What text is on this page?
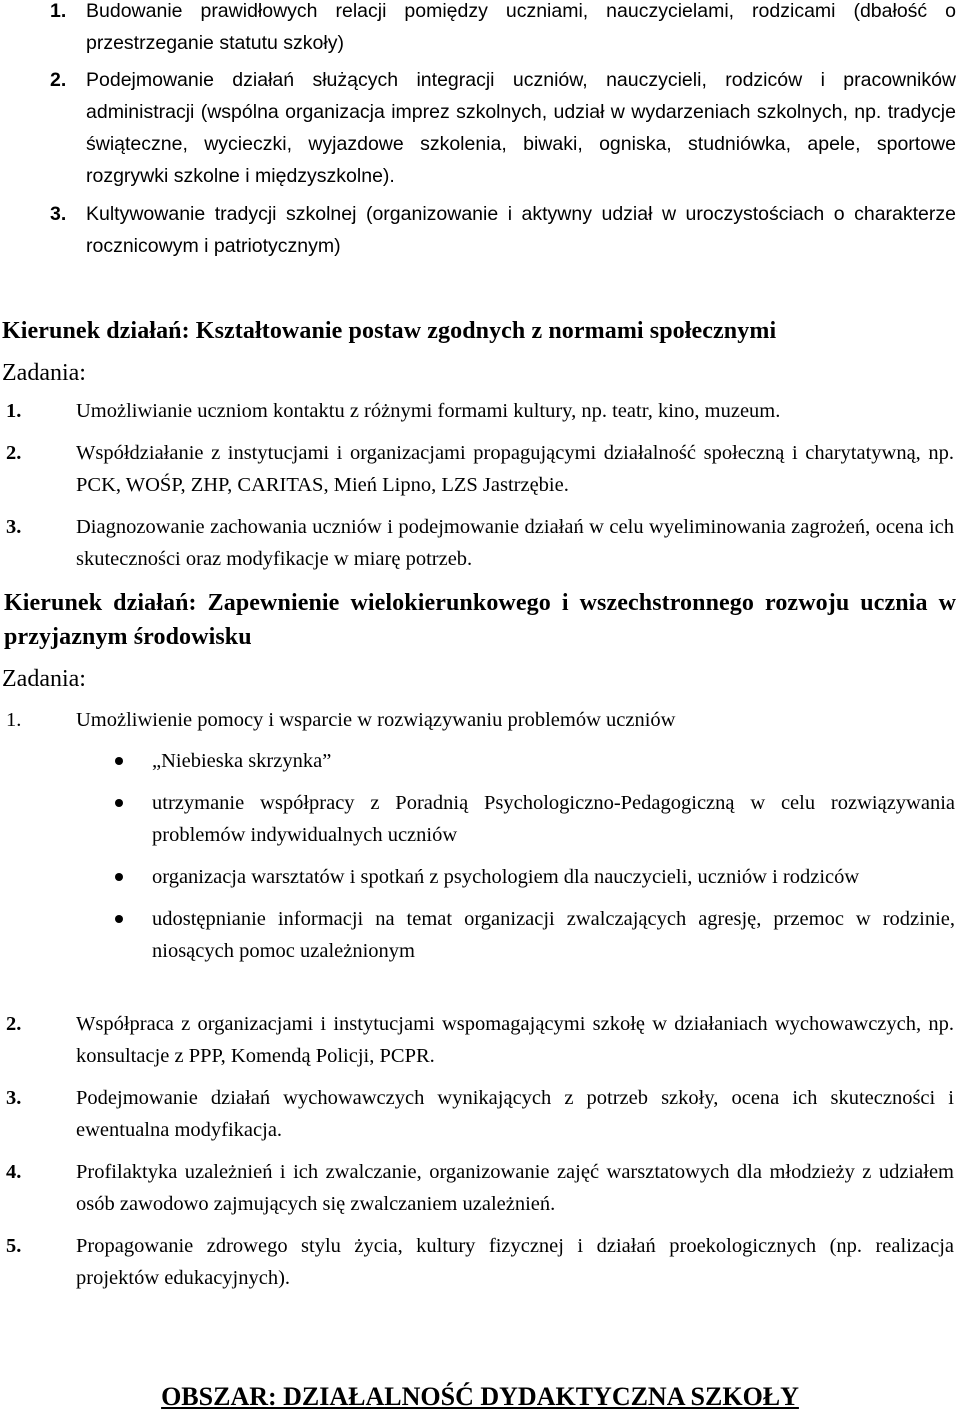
1.	Budowanie prawidłowych relacji pomiędzy uczniami, nauczycielami, rodzicami (dbałość o przestrzeganie statutu szkoły)
2.	Podejmowanie działań służących integracji uczniów, nauczycieli, rodziców i pracowników administracji (wspólna organizacja imprez szkolnych, udział w wydarzeniach szkolnych, np. tradycje świąteczne, wycieczki, wyjazdowe szkolenia, biwaki, ogniska, studniówka, apele, sportowe rozgrywki szkolne i międzyszkolne).
3.	Kultywowanie tradycji szkolnej (organizowanie i aktywny udział w uroczystościach o charakterze rocznicowym i patriotycznym)
Kierunek działań: Kształtowanie postaw zgodnych z normami społecznymi
Zadania:
1.	Umożliwianie uczniom kontaktu z różnymi formami kultury, np. teatr, kino, muzeum.
2.	Współdziałanie z instytucjami i organizacjami propagującymi działalność społeczną i charytatywną, np. PCK, WOŚP, ZHP, CARITAS, Mień Lipno, LZS Jastrzębie.
3.	Diagnozowanie zachowania uczniów i podejmowanie działań w celu wyeliminowania zagrożeń, ocena ich skuteczności oraz modyfikacje w miarę potrzeb.
Kierunek działań: Zapewnienie wielokierunkowego i wszechstronnego rozwoju ucznia w przyjaznym środowisku
Zadania:
1.	Umożliwienie pomocy i wsparcie w rozwiązywaniu problemów uczniów
„Niebieska skrzynka”
utrzymanie współpracy z Poradnią Psychologiczno-Pedagogiczną w celu rozwiązywania problemów indywidualnych uczniów
organizacja warsztatów i spotkań z psychologiem dla nauczycieli, uczniów i rodziców
udostępnianie informacji na temat organizacji zwalczających agresję, przemoc w rodzinie, niosących pomoc uzależnionym
2.	Współpraca z organizacjami i instytucjami wspomagającymi szkołę w działaniach wychowawczych, np. konsultacje z PPP, Komendą Policji, PCPR.
3.	Podejmowanie działań wychowawczych wynikających z potrzeb szkoły, ocena ich skuteczności i ewentualna modyfikacja.
4.	Profilaktyka uzależnień i ich zwalczanie, organizowanie zajęć warsztatowych dla młodzieży z udziałem osób zawodowo zajmujących się zwalczaniem uzależnień.
5.	Propagowanie zdrowego stylu życia, kultury fizycznej i działań proekologicznych (np. realizacja projektów edukacyjnych).
OBSZAR: DZIAŁALNOŚĆ DYDAKTYCZNA SZKOŁY
